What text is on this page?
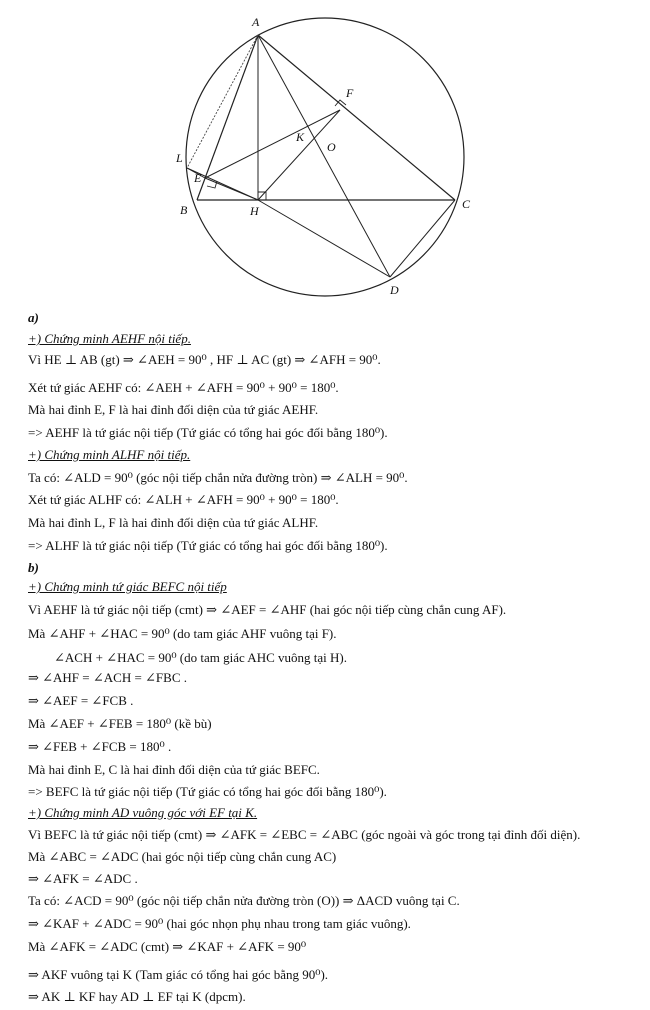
A
B	C
D
E
F
H
K
L
O
a)
+) Chứng minh AEHF nội tiếp.
Vì HE ⊥ AB (gt) ⇒ ∠AEH = 90⁰ , HF ⊥ AC (gt) ⇒ ∠AFH = 90⁰.
Xét tứ giác AEHF có: ∠AEH + ∠AFH = 90⁰ + 90⁰ = 180⁰.
Mà hai đỉnh E, F là hai đỉnh đối diện của tứ giác AEHF.
=> AEHF là tứ giác nội tiếp (Tứ giác có tổng hai góc đối bằng 180⁰).
+) Chứng minh ALHF nội tiếp.
Ta có: ∠ALD = 90⁰ (góc nội tiếp chắn nửa đường tròn) ⇒ ∠ALH = 90⁰.
Xét tứ giác ALHF có: ∠ALH + ∠AFH = 90⁰ + 90⁰ = 180⁰.
Mà hai đỉnh L, F là hai đỉnh đối diện của tứ giác ALHF.
=> ALHF là tứ giác nội tiếp (Tứ giác có tổng hai góc đối bằng 180⁰).
b)
+) Chứng minh tứ giác BEFC nội tiếp
Vì AEHF là tứ giác nội tiếp (cmt) ⇒ ∠AEF = ∠AHF (hai góc nội tiếp cùng chắn cung AF).
Mà ∠AHF + ∠HAC = 90⁰ (do tam giác AHF vuông tại F).
∠ACH + ∠HAC = 90⁰ (do tam giác AHC vuông tại H).
⇒ ∠AHF = ∠ACH = ∠FBC .
⇒ ∠AEF = ∠FCB .
Mà ∠AEF + ∠FEB = 180⁰ (kề bù)
⇒ ∠FEB + ∠FCB = 180⁰ .
Mà hai đỉnh E, C là hai đỉnh đối diện của tứ giác BEFC.
=> BEFC là tứ giác nội tiếp (Tứ giác có tổng hai góc đối bằng 180⁰).
+) Chứng minh AD vuông góc với EF tại K.
Vì BEFC là tứ giác nội tiếp (cmt) ⇒ ∠AFK = ∠EBC = ∠ABC (góc ngoài và góc trong tại đỉnh đối diện).
Mà ∠ABC = ∠ADC (hai góc nội tiếp cùng chắn cung AC)
⇒ ∠AFK = ∠ADC .
Ta có: ∠ACD = 90⁰ (góc nội tiếp chắn nửa đường tròn (O)) ⇒ ΔACD vuông tại C.
⇒ ∠KAF + ∠ADC = 90⁰ (hai góc nhọn phụ nhau trong tam giác vuông).
Mà ∠AFK = ∠ADC (cmt) ⇒ ∠KAF + ∠AFK = 90⁰
⇒ AKF vuông tại K (Tam giác có tổng hai góc bằng 90⁰).
⇒ AK ⊥ KF hay AD ⊥ EF tại K (dpcm).
